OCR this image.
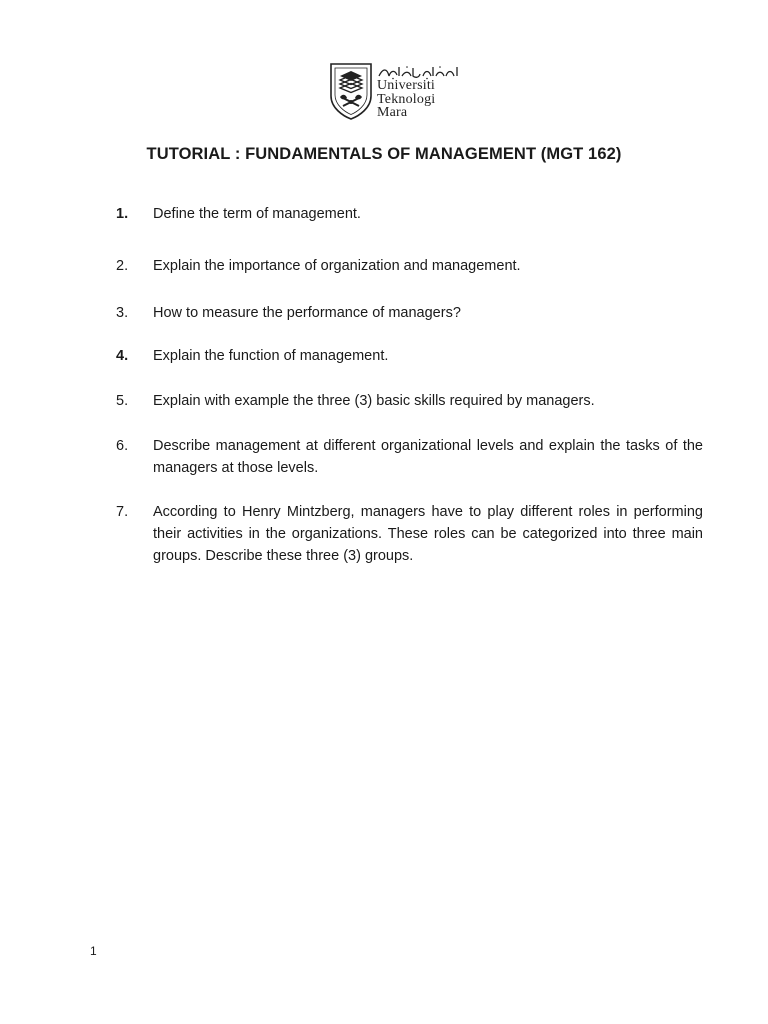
Universiti
Teknologi
Mara
TUTORIAL : FUNDAMENTALS OF MANAGEMENT (MGT 162)
1. Define the term of management.
2. Explain the importance of organization and management.
3. How to measure the performance of managers?
4. Explain the function of management.
5. Explain with example the three (3) basic skills required by managers.
6. Describe management at different organizational levels and explain the tasks of the managers at those levels.
7. According to Henry Mintzberg, managers have to play different roles in performing their activities in the organizations. These roles can be categorized into three main groups. Describe these three (3) groups.
1
